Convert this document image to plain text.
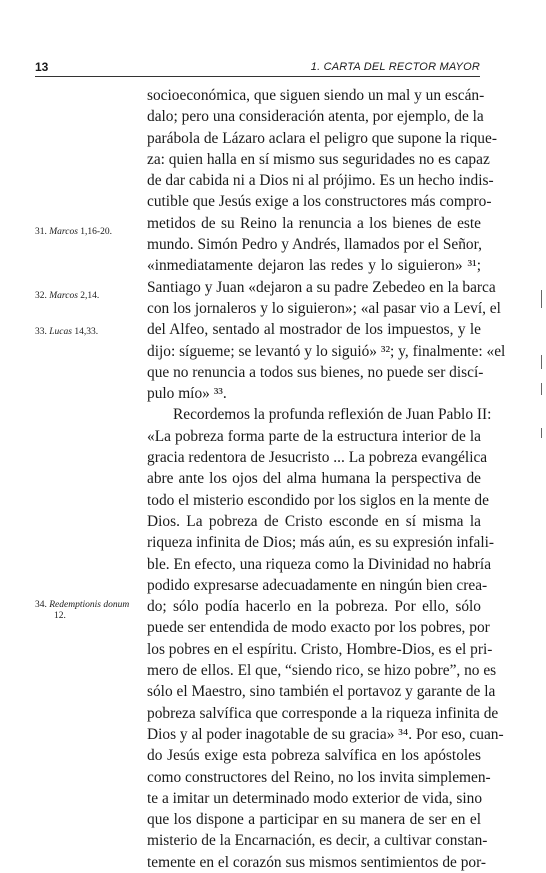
13	1. CARTA DEL RECTOR MAYOR
socioeconómica, que siguen siendo un mal y un escán-
dalo; pero una consideración atenta, por ejemplo, de la
parábola de Lázaro aclara el peligro que supone la rique-
za: quien halla en sí mismo sus seguridades no es capaz
de dar cabida ni a Dios ni al prójimo. Es un hecho indis-
cutible que Jesús exige a los constructores más compro-
metidos de su Reino la renuncia a los bienes de este
mundo. Simón Pedro y Andrés, llamados por el Señor,
«inmediatamente dejaron las redes y lo siguieron» ³¹;
Santiago y Juan «dejaron a su padre Zebedeo en la barca
con los jornaleros y lo siguieron»; «al pasar vio a Leví, el
del Alfeo, sentado al mostrador de los impuestos, y le
dijo: sígueme; se levantó y lo siguió» ³²; y, finalmente: «el
que no renuncia a todos sus bienes, no puede ser discí-
pulo mío» ³³.
Recordemos la profunda reflexión de Juan Pablo II:
«La pobreza forma parte de la estructura interior de la
gracia redentora de Jesucristo ... La pobreza evangélica
abre ante los ojos del alma humana la perspectiva de
todo el misterio escondido por los siglos en la mente de
Dios. La pobreza de Cristo esconde en sí misma la
riqueza infinita de Dios; más aún, es su expresión infali-
ble. En efecto, una riqueza como la Divinidad no habría
podido expresarse adecuadamente en ningún bien crea-
do; sólo podía hacerlo en la pobreza. Por ello, sólo
puede ser entendida de modo exacto por los pobres, por
los pobres en el espíritu. Cristo, Hombre-Dios, es el pri-
mero de ellos. El que, “siendo rico, se hizo pobre”, no es
sólo el Maestro, sino también el portavoz y garante de la
pobreza salvífica que corresponde a la riqueza infinita de
Dios y al poder inagotable de su gracia» ³⁴. Por eso, cuan-
do Jesús exige esta pobreza salvífica en los apóstoles
como constructores del Reino, no los invita simplemen-
te a imitar un determinado modo exterior de vida, sino
que los dispone a participar en su manera de ser en el
misterio de la Encarnación, es decir, a cultivar constan-
temente en el corazón sus mismos sentimientos de por-
31. Marcos 1,16-20.
32. Marcos 2,14.
33. Lucas 14,33.
34. Redemptionis donum
12.
